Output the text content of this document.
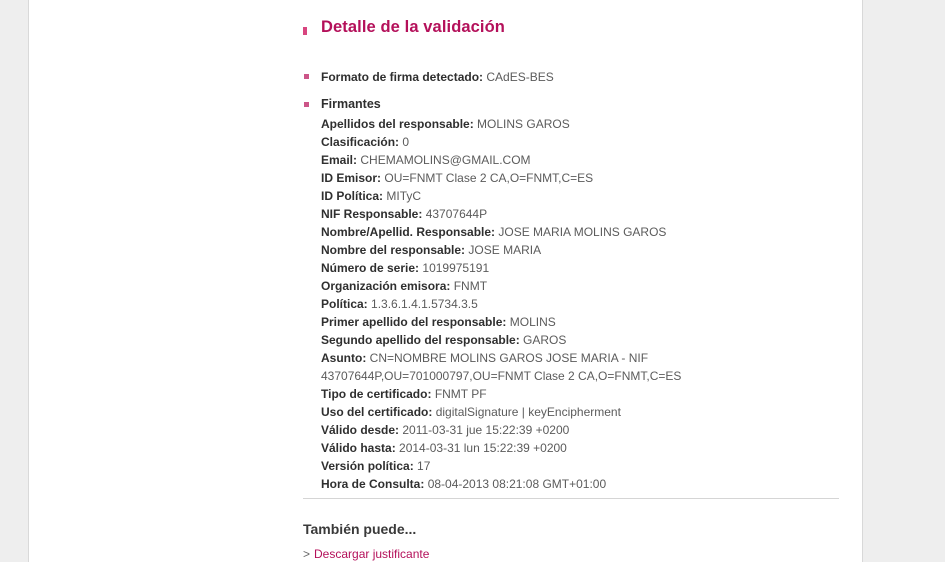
Detalle de la validación
Formato de firma detectado: CAdES-BES
Firmantes
Apellidos del responsable: MOLINS GAROS
Clasificación: 0
Email: CHEMAMOLINS@GMAIL.COM
ID Emisor: OU=FNMT Clase 2 CA,O=FNMT,C=ES
ID Política: MITyC
NIF Responsable: 43707644P
Nombre/Apellid. Responsable: JOSE MARIA MOLINS GAROS
Nombre del responsable: JOSE MARIA
Número de serie: 1019975191
Organización emisora: FNMT
Política: 1.3.6.1.4.1.5734.3.5
Primer apellido del responsable: MOLINS
Segundo apellido del responsable: GAROS
Asunto: CN=NOMBRE MOLINS GAROS JOSE MARIA - NIF 43707644P,OU=701000797,OU=FNMT Clase 2 CA,O=FNMT,C=ES
Tipo de certificado: FNMT PF
Uso del certificado: digitalSignature | keyEncipherment
Válido desde: 2011-03-31 jue 15:22:39 +0200
Válido hasta: 2014-03-31 lun 15:22:39 +0200
Versión política: 17
Hora de Consulta: 08-04-2013 08:21:08 GMT+01:00
También puede...
> Descargar justificante
